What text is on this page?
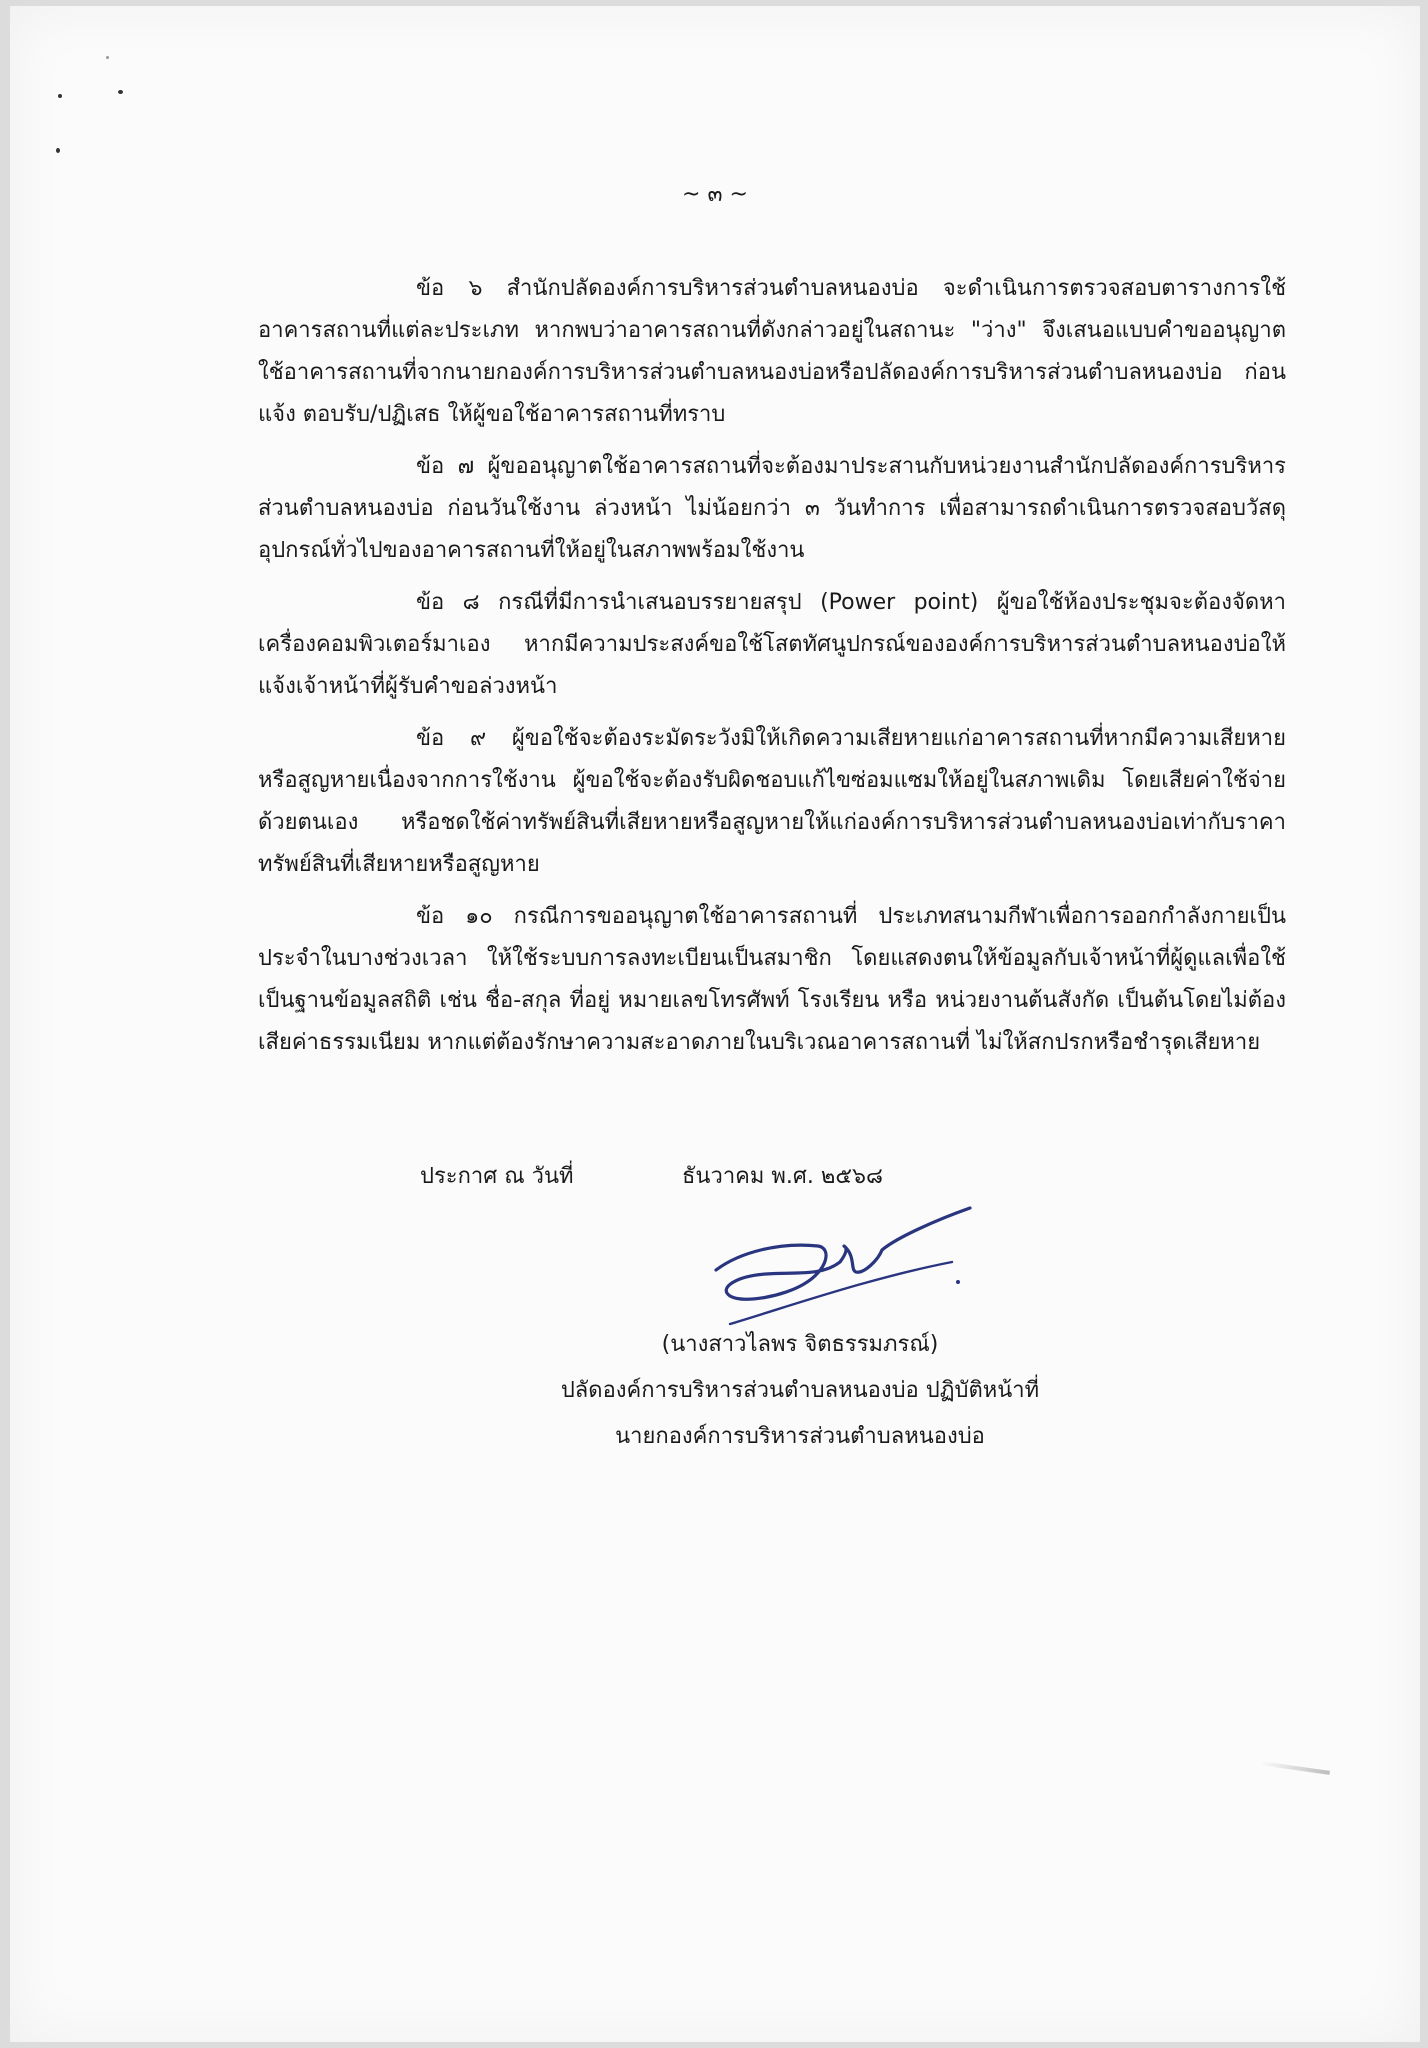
~ ๓ ~

ข้อ ๖ สำนักปลัดองค์การบริหารส่วนตำบลหนองบ่อ จะดำเนินการตรวจสอบตารางการใช้อาคารสถานที่แต่ละประเภท หากพบว่าอาคารสถานที่ดังกล่าวอยู่ในสถานะ "ว่าง" จึงเสนอแบบคำขออนุญาตใช้อาคารสถานที่จากนายกองค์การบริหารส่วนตำบลหนองบ่อหรือปลัดองค์การบริหารส่วนตำบลหนองบ่อ ก่อนแจ้ง ตอบรับ/ปฏิเสธ ให้ผู้ขอใช้อาคารสถานที่ทราบ

ข้อ ๗ ผู้ขออนุญาตใช้อาคารสถานที่จะต้องมาประสานกับหน่วยงานสำนักปลัดองค์การบริหารส่วนตำบลหนองบ่อ ก่อนวันใช้งาน ล่วงหน้า ไม่น้อยกว่า ๓ วันทำการ เพื่อสามารถดำเนินการตรวจสอบวัสดุอุปกรณ์ทั่วไปของอาคารสถานที่ให้อยู่ในสภาพพร้อมใช้งาน

ข้อ ๘ กรณีที่มีการนำเสนอบรรยายสรุป (Power point) ผู้ขอใช้ห้องประชุมจะต้องจัดหาเครื่องคอมพิวเตอร์มาเอง หากมีความประสงค์ขอใช้โสตทัศนูปกรณ์ขององค์การบริหารส่วนตำบลหนองบ่อให้แจ้งเจ้าหน้าที่ผู้รับคำขอล่วงหน้า

ข้อ ๙ ผู้ขอใช้จะต้องระมัดระวังมิให้เกิดความเสียหายแก่อาคารสถานที่หากมีความเสียหายหรือสูญหายเนื่องจากการใช้งาน ผู้ขอใช้จะต้องรับผิดชอบแก้ไขซ่อมแซมให้อยู่ในสภาพเดิม โดยเสียค่าใช้จ่ายด้วยตนเอง หรือชดใช้ค่าทรัพย์สินที่เสียหายหรือสูญหายให้แก่องค์การบริหารส่วนตำบลหนองบ่อเท่ากับราคาทรัพย์สินที่เสียหายหรือสูญหาย

ข้อ ๑๐ กรณีการขออนุญาตใช้อาคารสถานที่ ประเภทสนามกีฬาเพื่อการออกกำลังกายเป็นประจำในบางช่วงเวลา ให้ใช้ระบบการลงทะเบียนเป็นสมาชิก โดยแสดงตนให้ข้อมูลกับเจ้าหน้าที่ผู้ดูแลเพื่อใช้เป็นฐานข้อมูลสถิติ เช่น ชื่อ-สกุล ที่อยู่ หมายเลขโทรศัพท์ โรงเรียน หรือ หน่วยงานต้นสังกัด เป็นต้นโดยไม่ต้องเสียค่าธรรมเนียม หากแต่ต้องรักษาความสะอาดภายในบริเวณอาคารสถานที่ ไม่ให้สกปรกหรือชำรุดเสียหาย

ประกาศ ณ วันที่	ธันวาคม พ.ศ. ๒๕๖๘
(นางสาวไลพร จิตธรรมภรณ์)
ปลัดองค์การบริหารส่วนตำบลหนองบ่อ ปฏิบัติหน้าที่
นายกองค์การบริหารส่วนตำบลหนองบ่อ
